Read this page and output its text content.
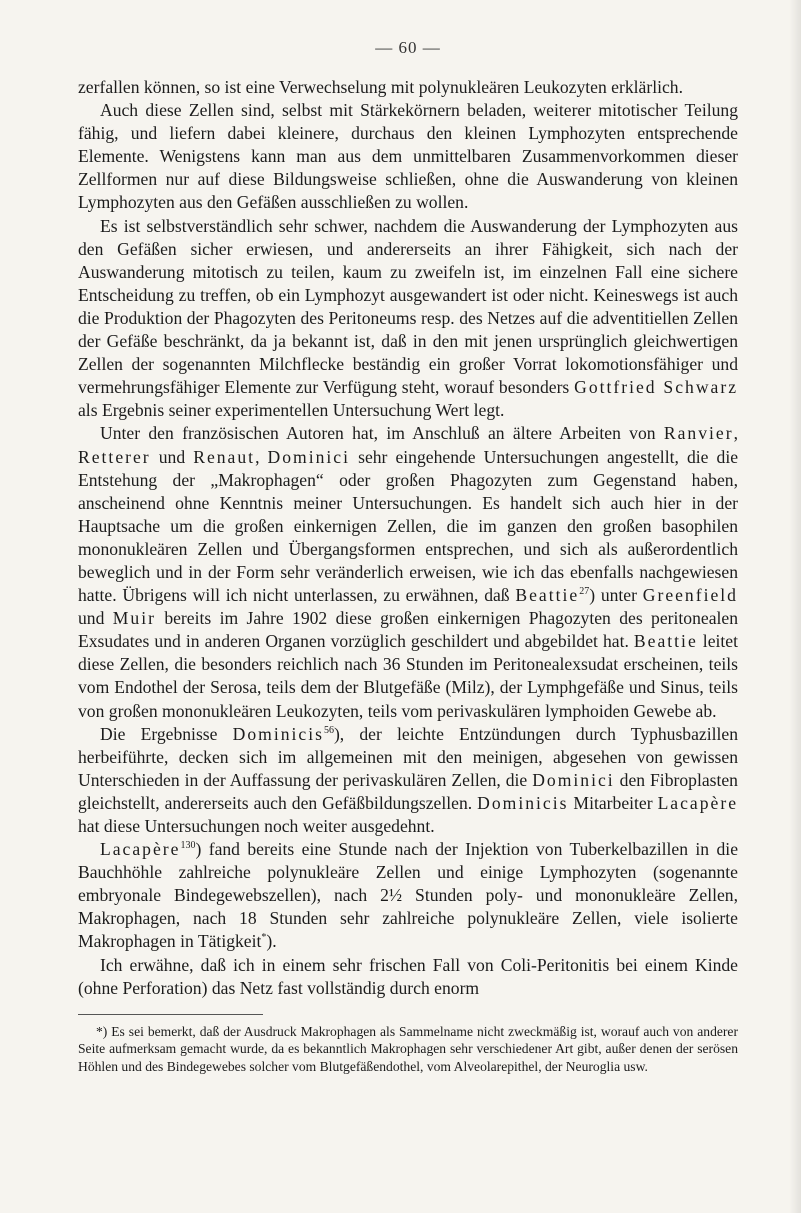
— 60 —

zerfallen können, so ist eine Verwechselung mit polynukleären Leukozyten erklärlich.

Auch diese Zellen sind, selbst mit Stärkekörnern beladen, weiterer mitotischer Teilung fähig, und liefern dabei kleinere, durchaus den kleinen Lymphozyten entsprechende Elemente. Wenigstens kann man aus dem unmittelbaren Zusammenvorkommen dieser Zellformen nur auf diese Bildungsweise schließen, ohne die Auswanderung von kleinen Lymphozyten aus den Gefäßen ausschließen zu wollen.

Es ist selbstverständlich sehr schwer, nachdem die Auswanderung der Lymphozyten aus den Gefäßen sicher erwiesen, und andererseits an ihrer Fähigkeit, sich nach der Auswanderung mitotisch zu teilen, kaum zu zweifeln ist, im einzelnen Fall eine sichere Entscheidung zu treffen, ob ein Lymphozyt ausgewandert ist oder nicht. Keineswegs ist auch die Produktion der Phagozyten des Peritoneums resp. des Netzes auf die adventitiellen Zellen der Gefäße beschränkt, da ja bekannt ist, daß in den mit jenen ursprünglich gleichwertigen Zellen der sogenannten Milchflecke beständig ein großer Vorrat lokomotionsfähiger und vermehrungsfähiger Elemente zur Verfügung steht, worauf besonders Gottfried Schwarz als Ergebnis seiner experimentellen Untersuchung Wert legt.

Unter den französischen Autoren hat, im Anschluß an ältere Arbeiten von Ranvier, Retterer und Renaut, Dominici sehr eingehende Untersuchungen angestellt, die die Entstehung der „Makrophagen“ oder großen Phagozyten zum Gegenstand haben, anscheinend ohne Kenntnis meiner Untersuchungen. Es handelt sich auch hier in der Hauptsache um die großen einkernigen Zellen, die im ganzen den großen basophilen mononukleären Zellen und Übergangsformen entsprechen, und sich als außerordentlich beweglich und in der Form sehr veränderlich erweisen, wie ich das ebenfalls nachgewiesen hatte. Übrigens will ich nicht unterlassen, zu erwähnen, daß Beattie$^{27}$) unter Greenfield und Muir bereits im Jahre 1902 diese großen einkernigen Phagozyten des peritonealen Exsudates und in anderen Organen vorzüglich geschildert und abgebildet hat. Beattie leitet diese Zellen, die besonders reichlich nach 36 Stunden im Peritonealexsudat erscheinen, teils vom Endothel der Serosa, teils dem der Blutgefäße (Milz), der Lymphgefäße und Sinus, teils von großen mononukleären Leukozyten, teils vom perivaskulären lymphoiden Gewebe ab.

Die Ergebnisse Dominicis$^{56}$), der leichte Entzündungen durch Typhusbazillen herbeiführte, decken sich im allgemeinen mit den meinigen, abgesehen von gewissen Unterschieden in der Auffassung der perivaskulären Zellen, die Dominici den Fibroplasten gleichstellt, andererseits auch den Gefäßbildungszellen. Dominicis Mitarbeiter Lacapère hat diese Untersuchungen noch weiter ausgedehnt.

Lacapère$^{130}$) fand bereits eine Stunde nach der Injektion von Tuberkelbazillen in die Bauchhöhle zahlreiche polynukleäre Zellen und einige Lymphozyten (sogenannte embryonale Bindegewebszellen), nach 2½ Stunden poly- und mononukleäre Zellen, Makrophagen, nach 18 Stunden sehr zahlreiche polynukleäre Zellen, viele isolierte Makrophagen in Tätigkeit*).

Ich erwähne, daß ich in einem sehr frischen Fall von Coli-Peritonitis bei einem Kinde (ohne Perforation) das Netz fast vollständig durch enorm

*) Es sei bemerkt, daß der Ausdruck Makrophagen als Sammelname nicht zweckmäßig ist, worauf auch von anderer Seite aufmerksam gemacht wurde, da es bekanntlich Makrophagen sehr verschiedener Art gibt, außer denen der serösen Höhlen und des Bindegewebes solcher vom Blutgefäßendothel, vom Alveolarepithel, der Neuroglia usw.
